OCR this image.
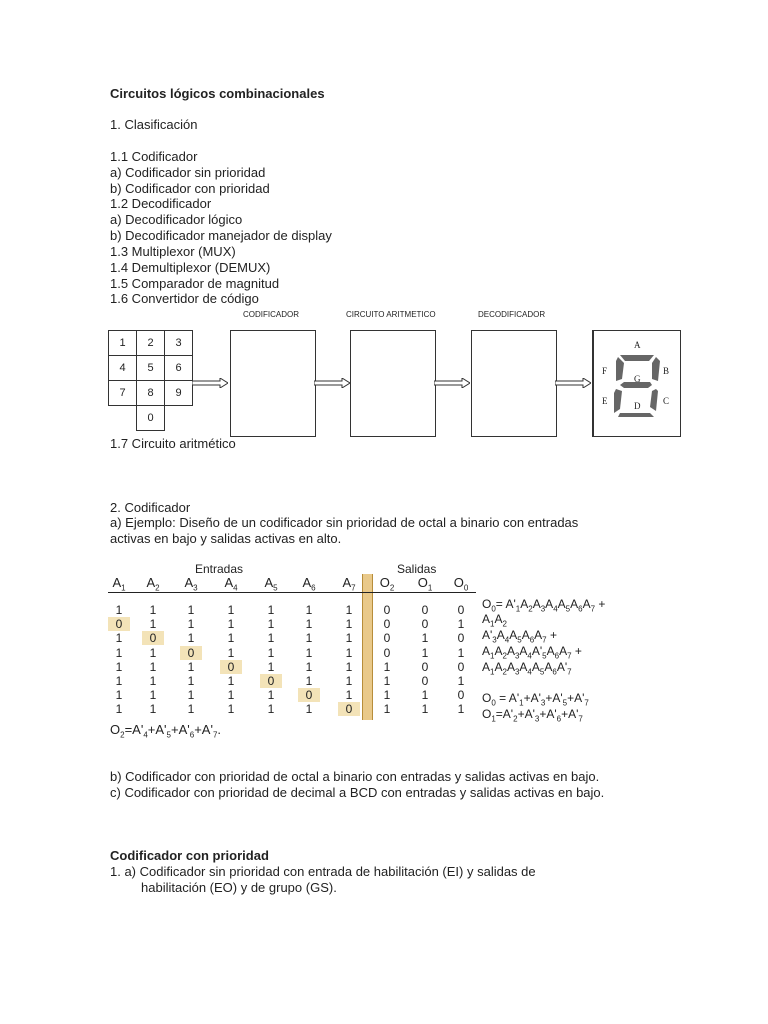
Circuitos lógicos combinacionales
1. Clasificación
1.1 Codificador
a) Codificador sin prioridad
b) Codificador con prioridad
1.2 Decodificador
a) Decodificador lógico
b) Decodificador manejador de display
1.3 Multiplexor (MUX)
1.4 Demultiplexor (DEMUX)
1.5 Comparador de magnitud
1.6 Convertidor de código
CODIFICADOR	CIRCUITO ARITMETICO	DECODIFICADOR
1	2	3
4	5	6
7	8	9
	0	
A
B
C
D
E
F
G
1.7 Circuito aritmético
2. Codificador
a) Ejemplo: Diseño de un codificador sin prioridad de octal a binario con entradas
activas en bajo y salidas activas en alto.
Entradas	Salidas
$A_1$	$A_2$	$A_3$	$A_4$	$A_5$	$A_6$	$A_7$	$O_2$ $O_1$ $O_0$
1	1	1	1	1	1	1	0	0	0
0	1	1	1	1	1	1	0	0	1
1	0	1	1	1	1	1	0	1	0
1	1	0	1	1	1	1	0	1	1
1	1	1	0	1	1	1	1	0	0
1	1	1	1	0	1	1	1	0	1
1	1	1	1	1	0	1	1	1	0
1	1	1	1	1	1	0	1	1	1
$O_0= A'_1A_2A_3A_4A_5A_6A_7$ +
$A_1A_2$
$A'_3A_4A_5A_6A_7$ +
$A_1A_2A_3A_4A'_5A_6A_7$ +
$A_1A_2A_3A_4A_5A_6A'_7$
$O_0 = A'_1+A'_3+A'_5+A'_7$
$O_1=A'_2+A'_3+A'_6+A'_7$
$O_2=A'_4+A'_5+A'_6+A'_7$.
b) Codificador con prioridad de octal a binario con entradas y salidas activas en bajo.
c) Codificador con prioridad de decimal a BCD con entradas y salidas activas en bajo.
Codificador con prioridad
1. a) Codificador sin prioridad con entrada de habilitación (EI) y salidas de
habilitación (EO) y de grupo (GS).
